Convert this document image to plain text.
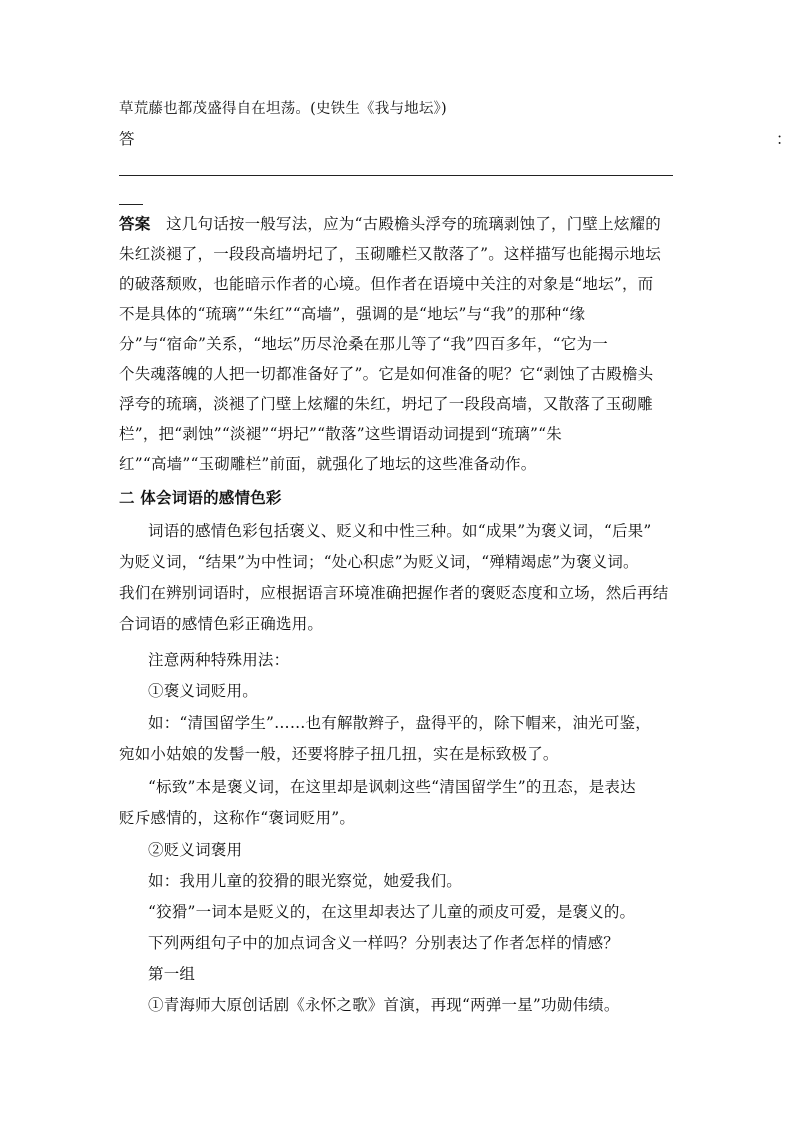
草荒藤也都茂盛得自在坦荡。(史铁生《我与地坛》)
答	：
答案　这几句话按一般写法，应为“古殿檐头浮夸的琉璃剥蚀了，门壁上炫耀的
朱红淡褪了，一段段高墙坍圮了，玉砌雕栏又散落了”。这样描写也能揭示地坛
的破落颓败，也能暗示作者的心境。但作者在语境中关注的对象是“地坛”，而
不是具体的“琉璃”“朱红”“高墙”，强调的是“地坛”与“我”的那种“缘
分”与“宿命”关系，“地坛”历尽沧桑在那儿等了“我”四百多年，“它为一
个失魂落魄的人把一切都准备好了”。它是如何准备的呢？它“剥蚀了古殿檐头
浮夸的琉璃，淡褪了门壁上炫耀的朱红，坍圮了一段段高墙，又散落了玉砌雕
栏”，把“剥蚀”“淡褪”“坍圮”“散落”这些谓语动词提到“琉璃”“朱
红”“高墙”“玉砌雕栏”前面，就强化了地坛的这些准备动作。
二 体会词语的感情色彩
词语的感情色彩包括褒义、贬义和中性三种。如“成果”为褒义词，“后果”
为贬义词，“结果”为中性词；“处心积虑”为贬义词，“殚精竭虑”为褒义词。
我们在辨别词语时，应根据语言环境准确把握作者的褒贬态度和立场，然后再结
合词语的感情色彩正确选用。
注意两种特殊用法：
①褒义词贬用。
如：“清国留学生”……也有解散辫子，盘得平的，除下帽来，油光可鉴，
宛如小姑娘的发髻一般，还要将脖子扭几扭，实在是标致极了。
“标致”本是褒义词，在这里却是讽刺这些“清国留学生”的丑态，是表达
贬斥感情的，这称作“褒词贬用”。
②贬义词褒用
如：我用儿童的狡猾的眼光察觉，她爱我们。
“狡猾”一词本是贬义的，在这里却表达了儿童的顽皮可爱，是褒义的。
下列两组句子中的加点词含义一样吗？分别表达了作者怎样的情感？
第一组
①青海师大原创话剧《永怀之歌》首演，再现“两弹一星”功勋伟绩。
